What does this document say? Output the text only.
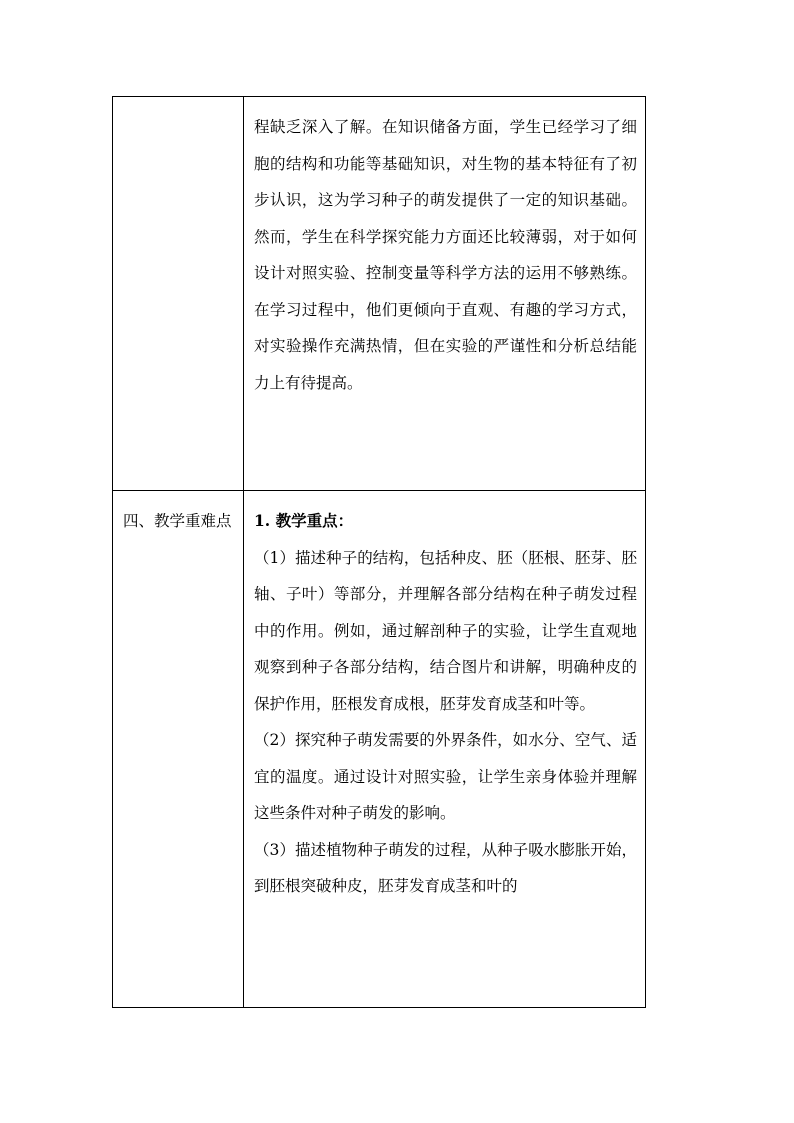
	程缺乏深入了解。在知识储备方面，学生已经学习了细胞的结构和功能等基础知识，对生物的基本特征有了初步认识，这为学习种子的萌发提供了一定的知识基础。然而，学生在科学探究能力方面还比较薄弱，对于如何设计对照实验、控制变量等科学方法的运用不够熟练。在学习过程中，他们更倾向于直观、有趣的学习方式，对实验操作充满热情，但在实验的严谨性和分析总结能力上有待提高。

四、教学重难点	1. 教学重点：

（1）描述种子的结构，包括种皮、胚（胚根、胚芽、胚轴、子叶）等部分，并理解各部分结构在种子萌发过程中的作用。例如，通过解剖种子的实验，让学生直观地观察到种子各部分结构，结合图片和讲解，明确种皮的保护作用，胚根发育成根，胚芽发育成茎和叶等。

（2）探究种子萌发需要的外界条件，如水分、空气、适宜的温度。通过设计对照实验，让学生亲身体验并理解这些条件对种子萌发的影响。

（3）描述植物种子萌发的过程，从种子吸水膨胀开始，到胚根突破种皮，胚芽发育成茎和叶的
